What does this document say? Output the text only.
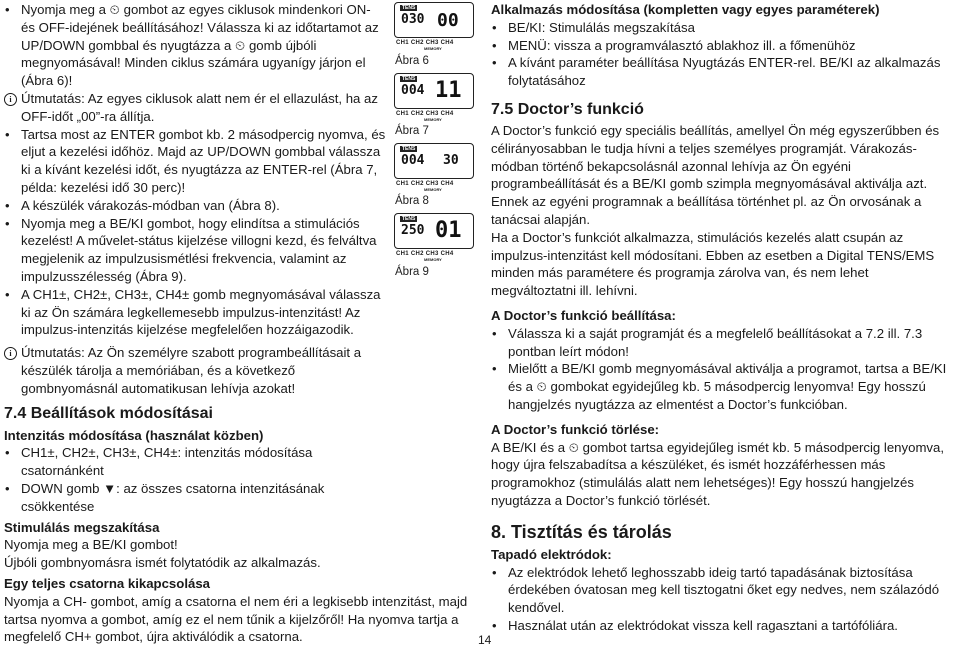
• Nyomja meg a ⏲ gombot az egyes ciklusok mindenkori ON- és OFF-idejének beállításához! Válassza ki az időtartamot az UP/DOWN gombbal és nyugtázza a ⏲ gomb újbóli megnyomásával! Minden ciklus számára ugyanígy járjon el (Ábra 6)!

i Útmutatás: Az egyes ciklusok alatt nem ér el ellazulást, ha az OFF-időt „00”-ra állítja.

• Tartsa most az ENTER gombot kb. 2 másodpercig nyomva, és eljut a kezelési időhöz. Majd az UP/DOWN gombbal válassza ki a kívánt kezelési időt, és nyugtázza az ENTER-rel (Ábra 7, példa: kezelési idő 30 perc)!

• A készülék várakozás-módban van (Ábra 8).

• Nyomja meg a BE/KI gombot, hogy elindítsa a stimulációs kezelést! A művelet-státus kijelzése villogni kezd, és felváltva megjelenik az impulzusismétlési frekvencia, valamint az impulzusszélesség (Ábra 9).

• A CH1±, CH2±, CH3±, CH4± gomb megnyomásával válassza ki az Ön számára legkellemesebb impulzus-intenzitást! Az impulzus-intenzitás kijelzése megfelelően hozzáigazodik.

i Útmutatás: Az Ön személyre szabott programbeállításait a készülék tárolja a memóriában, és a következő gombnyomásnál automatikusan lehívja azokat!

7.4 Beállítások módosításai
Intenzitás módosítása (használat közben)

• CH1±, CH2±, CH3±, CH4±: intenzitás módosítása csatornánként

• DOWN gomb ▼: az összes csatorna intenzitásának csökkentése

Stimulálás megszakítása

Nyomja meg a BE/KI gombot!

Újbóli gombnyomásra ismét folytatódik az alkalmazás.

Egy teljes csatorna kikapcsolása

Nyomja a CH- gombot, amíg a csatorna el nem éri a legkisebb intenzitást, majd tartsa nyomva a gombot, amíg ez el nem tűnik a kijelzőről! Ha nyomva tartja a megfelelő CH+ gombot, újra aktiválódik a csatorna.

TENS
030 00
CH1 CH2 CH3 CH4
MEMORY
Ábra 6
TENS
004 11
CH1 CH2 CH3 CH4
MEMORY
Ábra 7
TENS
004 30
CH1 CH2 CH3 CH4
MEMORY
Ábra 8
TENS
250 01
CH1 CH2 CH3 CH4
MEMORY
Ábra 9
Alkalmazás módosítása (kompletten vagy egyes paraméterek)

• BE/KI: Stimulálás megszakítása

• MENÜ: vissza a programválasztó ablakhoz ill. a főmenühöz

• A kívánt paraméter beállítása Nyugtázás ENTER-rel. BE/KI az alkalmazás folytatásához

7.5 Doctor’s funkció

A Doctor’s funkció egy speciális beállítás, amellyel Ön még egyszerűbben és célirányosabban le tudja hívni a teljes személyes programját. Várakozás-módban történő bekapcsolásnál azonnal lehívja az Ön egyéni programbeállítását és a BE/KI gomb szimpla megnyomásával aktiválja azt. Ennek az egyéni programnak a beállítása történhet pl. az Ön orvosának a tanácsai alapján.

Ha a Doctor’s funkciót alkalmazza, stimulációs kezelés alatt csupán az impulzus-intenzitást kell módosítani. Ebben az esetben a Digital TENS/EMS minden más paramétere és programja zárolva van, és nem lehet megváltoztatni ill. lehívni.

A Doctor’s funkció beállítása:

• Válassza ki a saját programját és a megfelelő beállításokat a 7.2 ill. 7.3 pontban leírt módon!

• Mielőtt a BE/KI gomb megnyomásával aktiválja a programot, tartsa a BE/KI és a ⏲ gombokat egyidejűleg kb. 5 másodpercig lenyomva! Egy hosszú hangjelzés nyugtázza az elmentést a Doctor’s funkcióban.

A Doctor’s funkció törlése:

A BE/KI és a ⏲ gombot tartsa egyidejűleg ismét kb. 5 másodpercig lenyomva, hogy újra felszabadítsa a készüléket, és ismét hozzáférhessen más programokhoz (stimulálás alatt nem lehetséges)! Egy hosszú hangjelzés nyugtázza a Doctor’s funkció törlését.

8. Tisztítás és tárolás
Tapadó elektródok:

• Az elektródok lehető leghosszabb ideig tartó tapadásának biztosítása érdekében óvatosan meg kell tisztogatni őket egy nedves, nem szálazódó kendővel.

• Használat után az elektródokat vissza kell ragasztani a tartófóliára.

14
